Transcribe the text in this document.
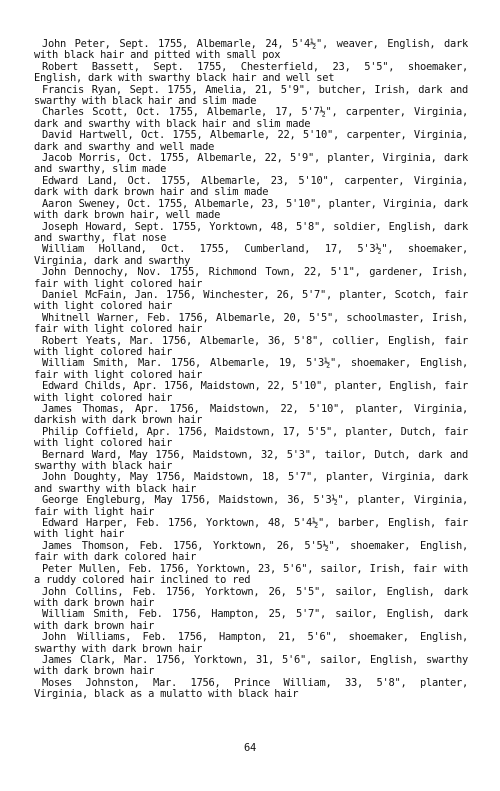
John Peter, Sept. 1755, Albemarle, 24, 5'4½", weaver, English, dark with black hair and pitted with small pox

Robert Bassett, Sept. 1755, Chesterfield, 23, 5'5", shoemaker, English, dark with swarthy black hair and well set

Francis Ryan, Sept. 1755, Amelia, 21, 5'9", butcher, Irish, dark and swarthy with black hair and slim made

Charles Scott, Oct. 1755, Albemarle, 17, 5'7½", carpenter, Virginia, dark and swarthy with black hair and slim made

David Hartwell, Oct. 1755, Albemarle, 22, 5'10", carpenter, Virginia, dark and swarthy and well made

Jacob Morris, Oct. 1755, Albemarle, 22, 5'9", planter, Virginia, dark and swarthy, slim made

Edward Land, Oct. 1755, Albemarle, 23, 5'10", carpenter, Virginia, dark with dark brown hair and slim made

Aaron Sweney, Oct. 1755, Albemarle, 23, 5'10", planter, Virginia, dark with dark brown hair, well made

Joseph Howard, Sept. 1755, Yorktown, 48, 5'8", soldier, English, dark and swarthy, flat nose

William Holland, Oct. 1755, Cumberland, 17, 5'3½", shoemaker, Virginia, dark and swarthy

John Dennochy, Nov. 1755, Richmond Town, 22, 5'1", gardener, Irish, fair with light colored hair

Daniel McFain, Jan. 1756, Winchester, 26, 5'7", planter, Scotch, fair with light colored hair

Whitnell Warner, Feb. 1756, Albemarle, 20, 5'5", schoolmaster, Irish, fair with light colored hair

Robert Yeats, Mar. 1756, Albemarle, 36, 5'8", collier, English, fair with light colored hair

William Smith, Mar. 1756, Albemarle, 19, 5'3½", shoemaker, English, fair with light colored hair

Edward Childs, Apr. 1756, Maidstown, 22, 5'10", planter, English, fair with light colored hair

James Thomas, Apr. 1756, Maidstown, 22, 5'10", planter, Virginia, darkish with dark brown hair

Philip Coffield, Apr. 1756, Maidstown, 17, 5'5", planter, Dutch, fair with light colored hair

Bernard Ward, May 1756, Maidstown, 32, 5'3", tailor, Dutch, dark and swarthy with black hair

John Doughty, May 1756, Maidstown, 18, 5'7", planter, Virginia, dark and swarthy with black hair

George Engleburg, May 1756, Maidstown, 36, 5'3½", planter, Virginia, fair with light hair

Edward Harper, Feb. 1756, Yorktown, 48, 5'4½", barber, English, fair with light hair

James Thomson, Feb. 1756, Yorktown, 26, 5'5½", shoemaker, English, fair with dark colored hair

Peter Mullen, Feb. 1756, Yorktown, 23, 5'6", sailor, Irish, fair with a ruddy colored hair inclined to red

John Collins, Feb. 1756, Yorktown, 26, 5'5", sailor, English, dark with dark brown hair

William Smith, Feb. 1756, Hampton, 25, 5'7", sailor, English, dark with dark brown hair

John Williams, Feb. 1756, Hampton, 21, 5'6", shoemaker, English, swarthy with dark brown hair

James Clark, Mar. 1756, Yorktown, 31, 5'6", sailor, English, swarthy with dark brown hair

Moses Johnston, Mar. 1756, Prince William, 33, 5'8", planter, Virginia, black as a mulatto with black hair

64
